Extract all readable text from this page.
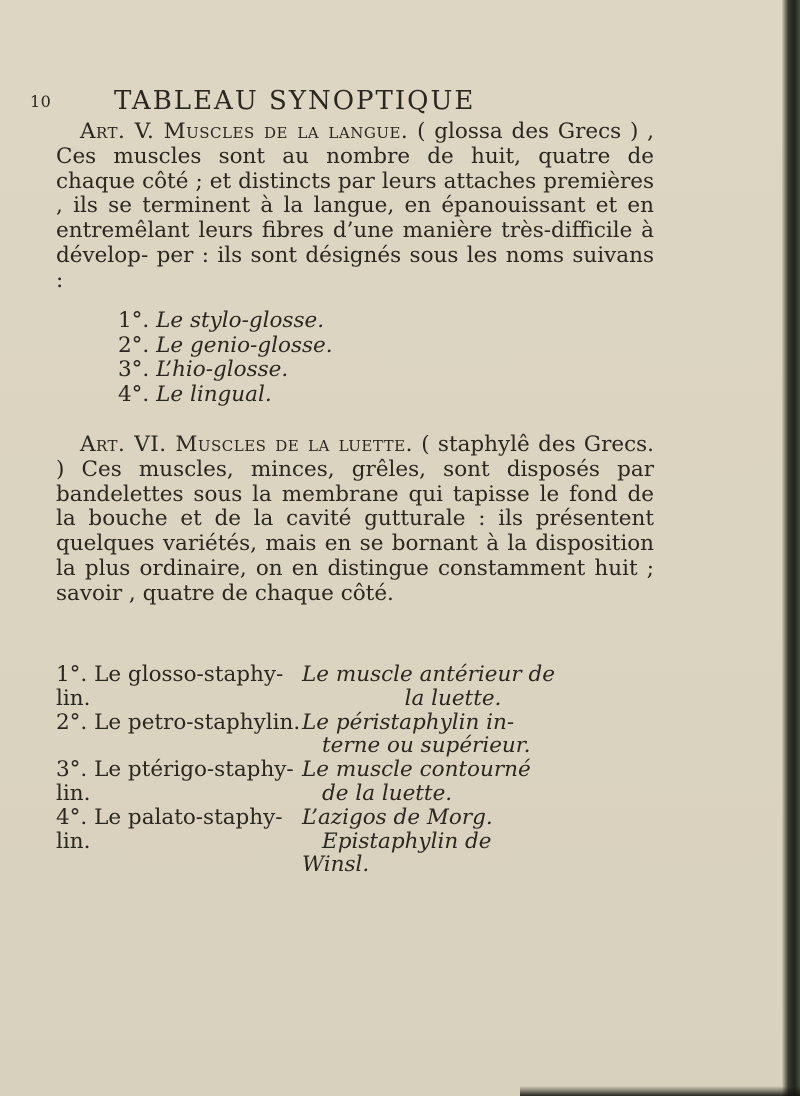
10 TABLEAU SYNOPTIQUE

Art. V. Muscles de la langue. ( glossa des Grecs ) , Ces muscles sont au nombre de huit, quatre de chaque côté ; et distincts par leurs attaches premières , ils se terminent à la langue, en épanouissant et en entremêlant leurs fibres d’une manière très-difficile à dévelop- per : ils sont désignés sous les noms suivans :

1°. Le stylo-glosse.
2°. Le genio-glosse.
3°. L’hio-glosse.
4°. Le lingual.

Art. VI. Muscles de la luette. ( staphylê des Grecs. ) Ces muscles, minces, grêles, sont disposés par bandelettes sous la membrane qui tapisse le fond de la bouche et de la cavité gutturale : ils présentent quelques variétés, mais en se bornant à la disposition la plus ordinaire, on en distingue constamment huit ; savoir , quatre de chaque côté.

1°. Le glosso-staphy-
lin.
Le muscle antérieur de
la luette.
2°. Le petro-staphylin. Le péristaphylin in-
terne ou supérieur.
3°. Le ptérigo-staphy-
lin.
Le muscle contourné
de la luette.
4°. Le palato-staphy-
lin.
L’azigos de Morg.
Epistaphylin de
Winsl.
